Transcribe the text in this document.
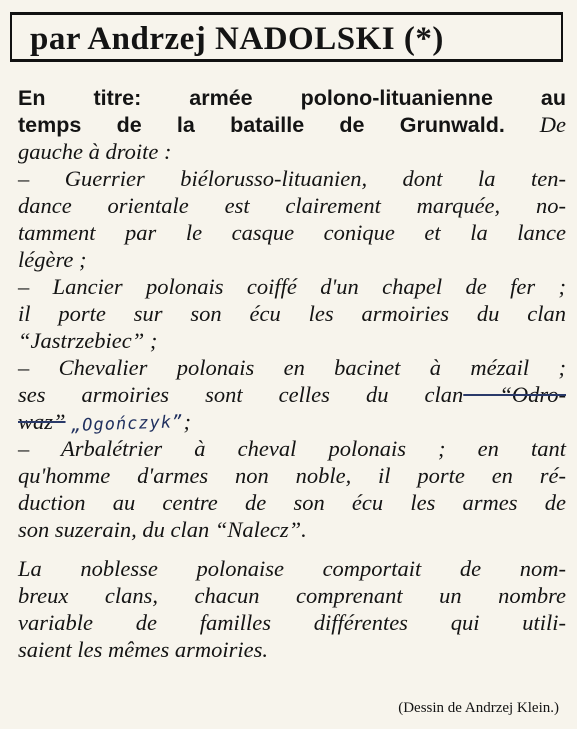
par Andrzej NADOLSKI (*)
En titre: armée polono-lituanienne au
temps de la bataille de Grunwald. De
gauche à droite :
– Guerrier biélorusso-lituanien, dont la ten-
dance orientale est clairement marquée, no-
tamment par le casque conique et la lance
légère ;
– Lancier polonais coiffé d'un chapel de fer ;
il porte sur son écu les armoiries du clan
“Jastrzebiec” ;
– Chevalier polonais en bacinet à mézail ;
ses armoiries sont celles du clan “Odro-
waz” „Ogończyk”;
– Arbalétrier à cheval polonais ; en tant
qu'homme d'armes non noble, il porte en ré-
duction au centre de son écu les armes de
son suzerain, du clan “Nalecz”.
La noblesse polonaise comportait de nom-
breux clans, chacun comprenant un nombre
variable de familles différentes qui utili-
saient les mêmes armoiries.
(Dessin de Andrzej Klein.)
